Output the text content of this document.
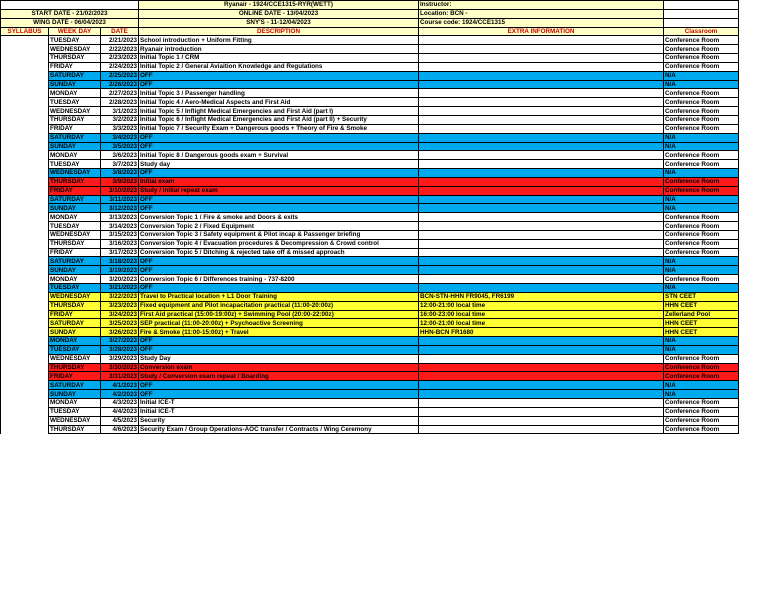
			Ryanair - 1924/CCE1315-RYR(WETT)	Instructor:	
START DATE - 21/02/2023			ONLINE DATE - 13/04/2023	Location: BCN -	
WING DATE - 06/04/2023			SNY'S - 11-12/04/2023	Course code: 1924/CCE1315	
SYLLABUS	WEEK DAY	DATE	DESCRIPTION	EXTRA INFORMATION	Classroom
	TUESDAY	2/21/2023	School introduction + Uniform Fitting		Conference Room
	WEDNESDAY	2/22/2023	Ryanair introduction		Conference Room
	THURSDAY	2/23/2023	Initial Topic 1 / CRM		Conference Room
	FRIDAY	2/24/2023	Initial Topic 2 / General Aviaition Knowledge and Regulations		Conference Room
	SATURDAY	2/25/2023	OFF		N/A
	SUNDAY	2/26/2023	OFF		N/A
	MONDAY	2/27/2023	Initial Topic 3 / Passenger handling		Conference Room
	TUESDAY	2/28/2023	Initial Topic 4 / Aero-Medical Aspects and First Aid		Conference Room
	WEDNESDAY	3/1/2023	Initial Topic 5 / Inflight Medical Emergencies and First Aid (part I)		Conference Room
	THURSDAY	3/2/2023	Initial Topic 6 / Inflight Medical Emergencies and First Aid (part II) + Security		Conference Room
	FRIDAY	3/3/2023	Initial Topic 7 / Security Exam + Dangerous goods + Theory of Fire & Smoke		Conference Room
	SATURDAY	3/4/2023	OFF		N/A
	SUNDAY	3/5/2023	OFF		N/A
	MONDAY	3/6/2023	Initial Topic 8 / Dangerous goods exam + Survival		Conference Room
	TUESDAY	3/7/2023	Study day		Conference Room
	WEDNESDAY	3/8/2023	OFF		N/A
	THURSDAY	3/9/2023	Initial exam		Conference Room
	FRIDAY	3/10/2023	Study / Initial repeat exam		Conference Room
	SATURDAY	3/11/2023	OFF		N/A
	SUNDAY	3/12/2023	OFF		N/A
	MONDAY	3/13/2023	Conversion Topic 1 / Fire & smoke and Doors & exits		Conference Room
	TUESDAY	3/14/2023	Conversion Topic 2 / Fixed Equipment		Conference Room
	WEDNESDAY	3/15/2023	Conversion Topic 3 / Safety equipment & Pilot incap & Passenger briefing		Conference Room
	THURSDAY	3/16/2023	Conversion Topic 4 / Evacuation procedures & Decompression & Crowd control		Conference Room
	FRIDAY	3/17/2023	Conversion Topic 5 / Ditching & rejected take off & missed approach		Conference Room
	SATURDAY	3/18/2023	OFF		N/A
	SUNDAY	3/19/2023	OFF		N/A
	MONDAY	3/20/2023	Conversion Topic 6 / Differences training - 737-8200		Conference Room
	TUESDAY	3/21/2023	OFF		N/A
	WEDNESDAY	3/22/2023	Travel to Practical location + L1 Door Training	BCN-STN-HHN FR9045, FR6199	STN CEET
	THURSDAY	3/23/2023	Fixed equipment and Pilot incapacitation practical (11:00-20:00z)	12:00-21:00 local time	HHN CEET
	FRIDAY	3/24/2023	First Aid practical (15:00-19:00z) + Swimming Pool (20:00-22:00z)	16:00-23:00 local time	Zellerland Pool
	SATURDAY	3/25/2023	SEP practical (11:00-20:00z) + Psychoactive Screening	12:00-21:00 local time	HHN CEET
	SUNDAY	3/26/2023	Fire & Smoke (11:00-15:00z) + Travel	HHN-BCN FR1680	HHN CEET
	MONDAY	3/27/2023	OFF		N/A
	TUESDAY	3/28/2023	OFF		N/A
	WEDNESDAY	3/29/2023	Study Day		Conference Room
	THURSDAY	3/30/2023	Conversion exam		Conference Room
	FRIDAY	3/31/2023	Study / Conversion exam repeat / Boarding		Conference Room
	SATURDAY	4/1/2023	OFF		N/A
	SUNDAY	4/2/2023	OFF		N/A
	MONDAY	4/3/2023	Initial ICE-T		Conference Room
	TUESDAY	4/4/2023	Initial ICE-T		Conference Room
	WEDNESDAY	4/5/2023	Security		Conference Room
	THURSDAY	4/6/2023	Security Exam / Group Operations-AOC transfer / Contracts / Wing Ceremony		Conference Room
